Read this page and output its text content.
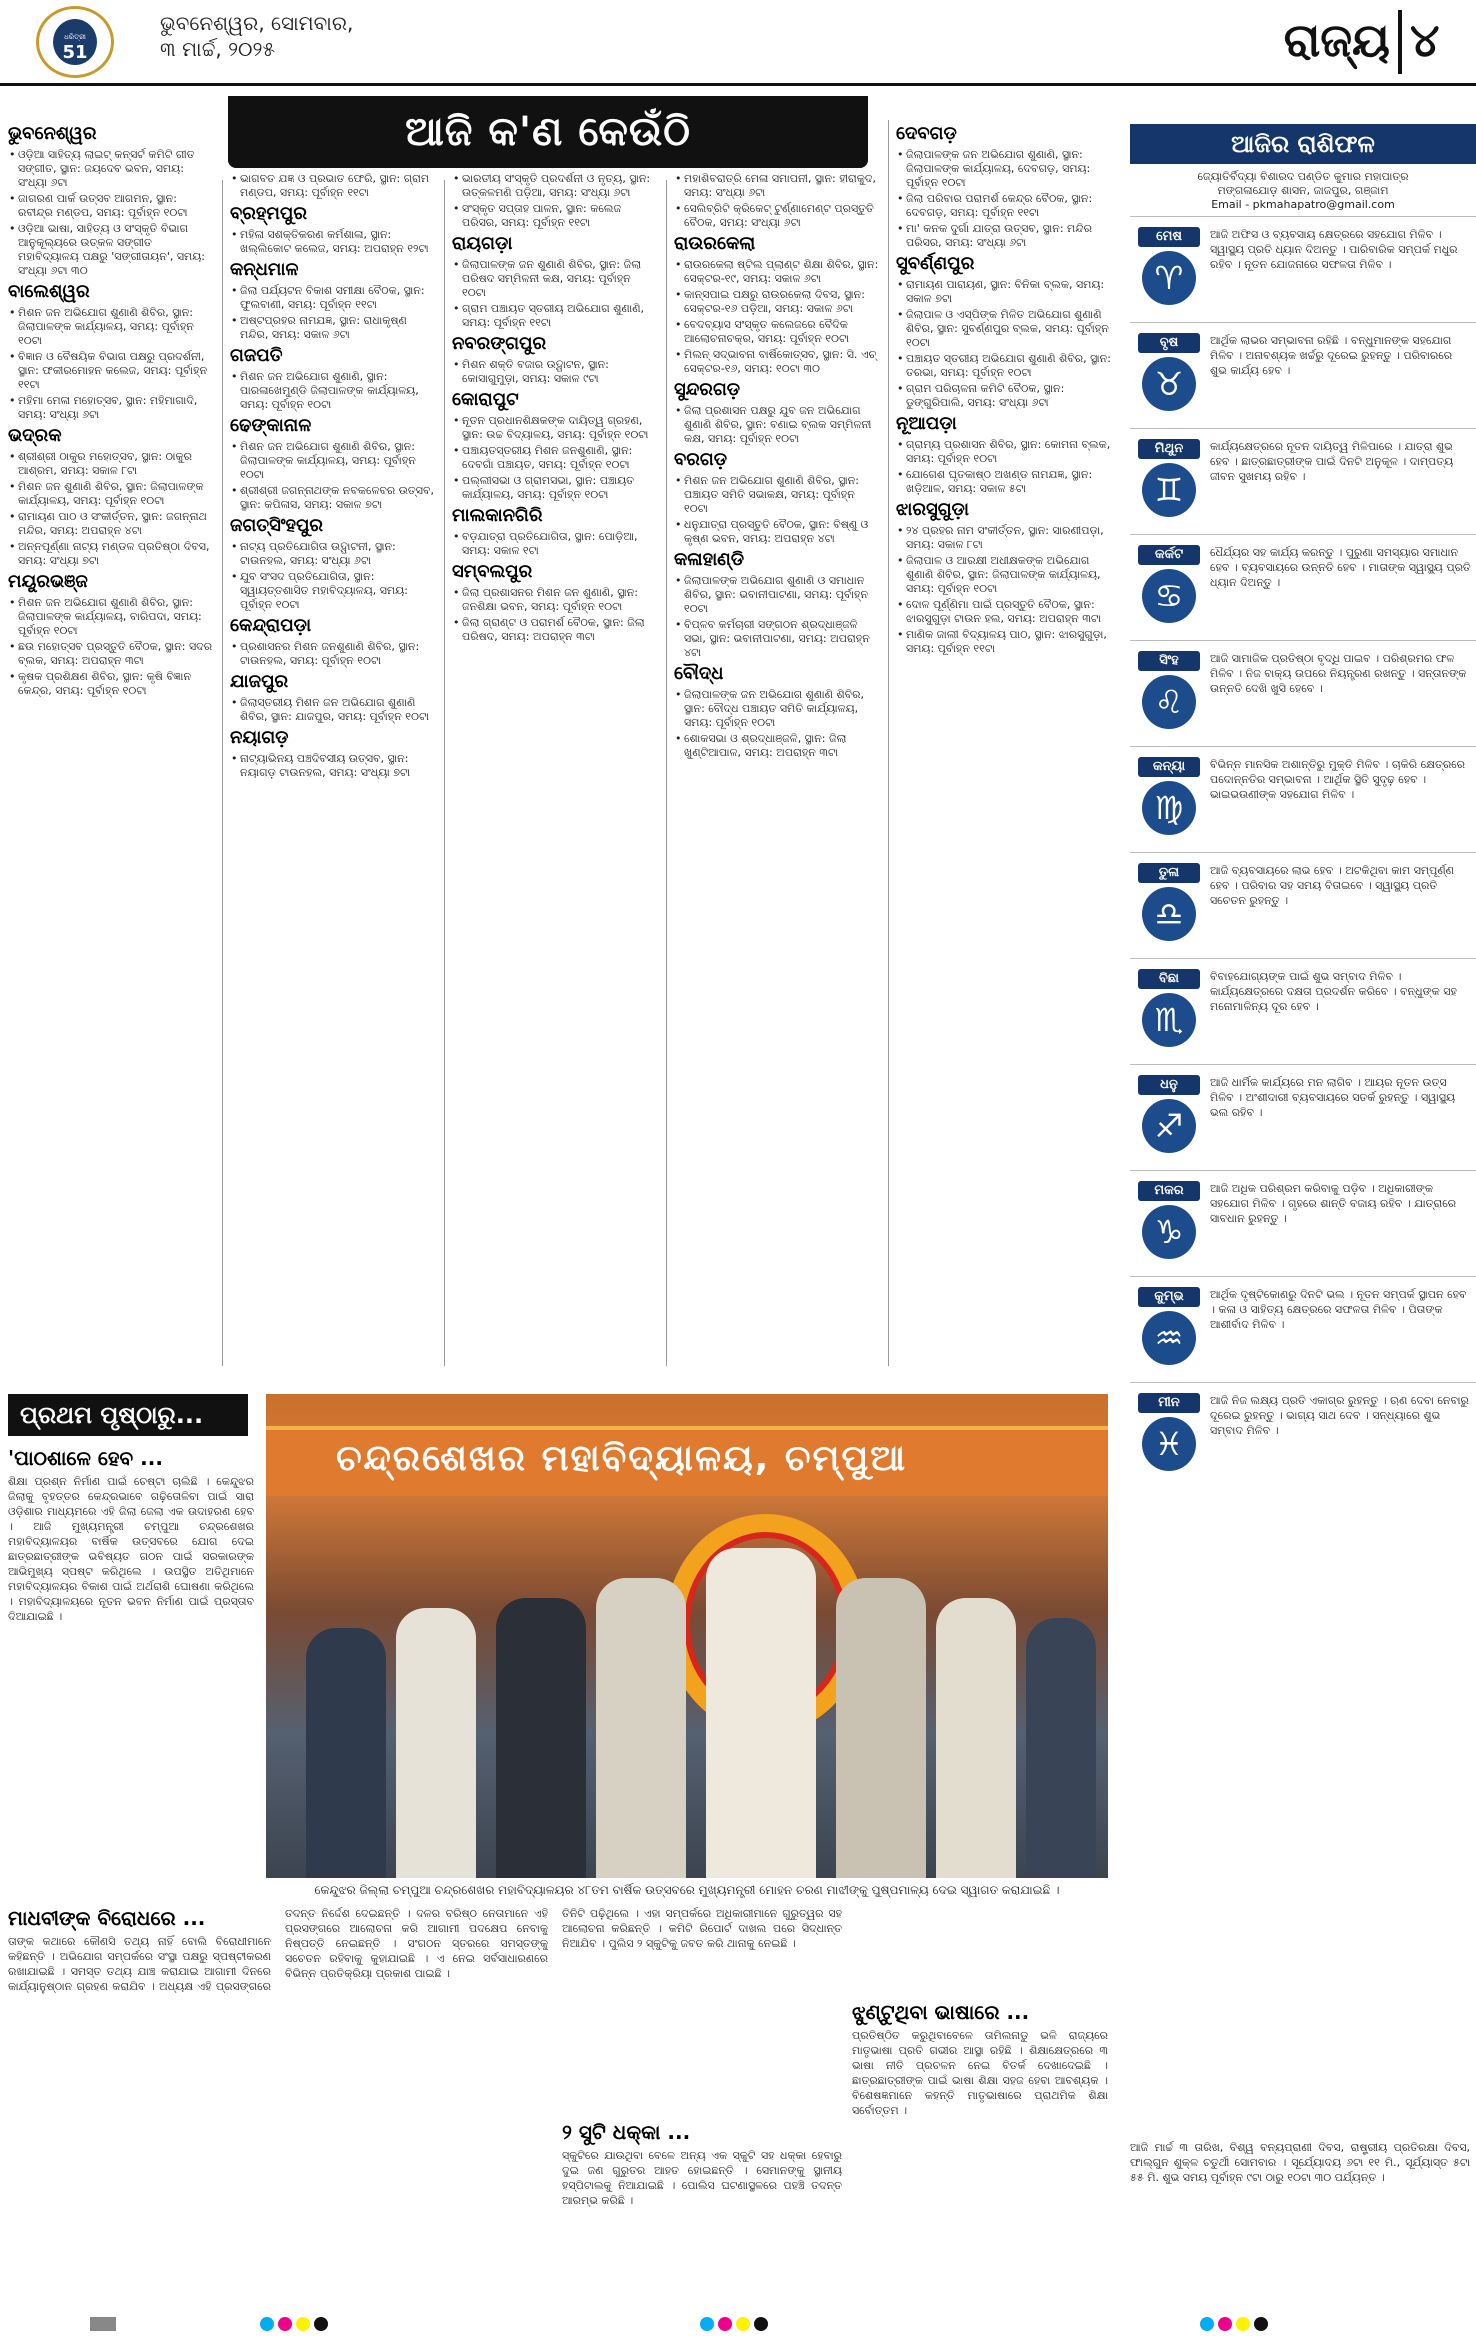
ଧରିତ୍ରୀ
51
Years
ଭୁବନେଶ୍ୱର, ସୋମବାର,
୩ ମାର୍ଚ୍ଚ, ୨୦୨୫	ରାଜ୍ୟ ୪
ଆଜି କ'ଣ କେଉଁଠି
ଭୁବନେଶ୍ୱର
• ଓଡ଼ିଆ ସାହିତ୍ୟ ଲାଇଟ୍ କନ୍ସର୍ଟ କମିଟି ଗୀତ ସଙ୍ଗୀତ, ସ୍ଥାନ: ଜୟଦେବ ଭବନ, ସମୟ: ସଂଧ୍ୟା ୬ଟା
• ଜାଗରଣ ପାର୍କ ଉତ୍ସବ ଆଗମନ, ସ୍ଥାନ: ରବୀନ୍ଦ୍ର ମଣ୍ଡପ, ସମୟ: ପୂର୍ବାହ୍ନ ୧୦ଟା
• ଓଡ଼ିଆ ଭାଷା, ସାହିତ୍ୟ ଓ ସଂସ୍କୃତି ବିଭାଗ ଆନୁକୂଲ୍ୟରେ ଉତ୍କଳ ସଙ୍ଗୀତ ମହାବିଦ୍ୟାଳୟ ପକ୍ଷରୁ 'ସଙ୍ଗୀତାୟନ', ସମୟ: ସଂଧ୍ୟା ୬ଟା ୩୦
ବାଲେଶ୍ୱର
• ମିଶନ ଜନ ଅଭିଯୋଗ ଶୁଣାଣି ଶିବିର, ସ୍ଥାନ: ଜିଲାପାଳଙ୍କ କାର୍ଯ୍ୟାଳୟ, ସମୟ: ପୂର୍ବାହ୍ନ ୧୦ଟା
• ବିଜ୍ଞାନ ଓ ବୈଷୟିକ ବିଭାଗ ପକ୍ଷରୁ ପ୍ରଦର୍ଶନୀ, ସ୍ଥାନ: ଫକୀରମୋହନ କଲେଜ, ସମୟ: ପୂର୍ବାହ୍ନ ୧୧ଟା
• ମହିମା ମେଳା ମହୋତ୍ସବ, ସ୍ଥାନ: ମହିମାଗାଦି, ସମୟ: ସଂଧ୍ୟା ୬ଟା
ଭଦ୍ରକ
• ଶ୍ରୀଶ୍ରୀ ଠାକୁର ମହୋତ୍ସବ, ସ୍ଥାନ: ଠାକୁର ଆଶ୍ରମ, ସମୟ: ସକାଳ ୮ଟା
• ମିଶନ ଜନ ଶୁଣାଣି ଶିବିର, ସ୍ଥାନ: ଜିଲାପାଳଙ୍କ କାର୍ଯ୍ୟାଳୟ, ସମୟ: ପୂର୍ବାହ୍ନ ୧୦ଟା
• ରାମାୟଣ ପାଠ ଓ ସଂକୀର୍ତ୍ତନ, ସ୍ଥାନ: ଜଗନ୍ନାଥ ମନ୍ଦିର, ସମୟ: ଅପରାହ୍ନ ୪ଟା
• ଅନ୍ନପୂର୍ଣ୍ଣା ନାଟ୍ୟ ମଣ୍ଡଳ ପ୍ରତିଷ୍ଠା ଦିବସ, ସମୟ: ସଂଧ୍ୟା ୭ଟା
ମୟୂରଭଞ୍ଜ
• ମିଶନ ଜନ ଅଭିଯୋଗ ଶୁଣାଣି ଶିବିର, ସ୍ଥାନ: ଜିଲାପାଳଙ୍କ କାର୍ଯ୍ୟାଳୟ, ବାରିପଦା, ସମୟ: ପୂର୍ବାହ୍ନ ୧୦ଟା
• ଛଉ ମହୋତ୍ସବ ପ୍ରସ୍ତୁତି ବୈଠକ, ସ୍ଥାନ: ସଦର ବ୍ଲକ, ସମୟ: ଅପରାହ୍ନ ୩ଟା
• କୃଷକ ପ୍ରଶିକ୍ଷଣ ଶିବିର, ସ୍ଥାନ: କୃଷି ବିଜ୍ଞାନ କେନ୍ଦ୍ର, ସମୟ: ପୂର୍ବାହ୍ନ ୧୦ଟା
• ଭାଗବତ ଯଜ୍ଞ ଓ ପ୍ରଭାତ ଫେରି, ସ୍ଥାନ: ଗ୍ରାମ ମଣ୍ଡପ, ସମୟ: ପୂର୍ବାହ୍ନ ୧୧ଟା
ବ୍ରହ୍ମପୁର
• ମହିଳା ସଶକ୍ତିକରଣ କର୍ମଶାଳା, ସ୍ଥାନ: ଖଲ୍ଲିକୋଟ କଲେଜ, ସମୟ: ଅପରାହ୍ନ ୧୨ଟା
କନ୍ଧମାଳ
• ଜିଲା ପର୍ଯ୍ୟଟନ ବିକାଶ ସମୀକ୍ଷା ବୈଠକ, ସ୍ଥାନ: ଫୁଲବାଣୀ, ସମୟ: ପୂର୍ବାହ୍ନ ୧୧ଟା
• ଅଷ୍ଟପ୍ରହର ନାମଯଜ୍ଞ, ସ୍ଥାନ: ରାଧାକୃଷ୍ଣ ମନ୍ଦିର, ସମୟ: ସକାଳ ୬ଟା
ଗଜପତି
• ମିଶନ ଜନ ଅଭିଯୋଗ ଶୁଣାଣି, ସ୍ଥାନ: ପାରଳାଖେମୁଣ୍ଡି ଜିଲାପାଳଙ୍କ କାର୍ଯ୍ୟାଳୟ, ସମୟ: ପୂର୍ବାହ୍ନ ୧୦ଟା
ଢେଙ୍କାନାଳ
• ମିଶନ ଜନ ଅଭିଯୋଗ ଶୁଣାଣି ଶିବିର, ସ୍ଥାନ: ଜିଲାପାଳଙ୍କ କାର୍ଯ୍ୟାଳୟ, ସମୟ: ପୂର୍ବାହ୍ନ ୧୦ଟା
• ଶ୍ରୀଶ୍ରୀ ଜଗନ୍ନାଥଙ୍କ ନବକଳେବର ଉତ୍ସବ, ସ୍ଥାନ: କପିଳାସ, ସମୟ: ସକାଳ ୭ଟା
ଜଗତ୍ସିଂହପୁର
• ନାଟ୍ୟ ପ୍ରତିଯୋଗିତା ଉଦ୍ଘାଟନୀ, ସ୍ଥାନ: ଟାଉନହଲ, ସମୟ: ସଂଧ୍ୟା ୬ଟା
• ଯୁବ ସଂସଦ ପ୍ରତିଯୋଗିତା, ସ୍ଥାନ: ସ୍ୱାୟତ୍ତଶାସିତ ମହାବିଦ୍ୟାଳୟ, ସମୟ: ପୂର୍ବାହ୍ନ ୧୦ଟା
କେନ୍ଦ୍ରାପଡ଼ା
• ପ୍ରଶାସନର ମିଶନ ଜନଶୁଣାଣି ଶିବିର, ସ୍ଥାନ: ଟାଉନହଲ, ସମୟ: ପୂର୍ବାହ୍ନ ୧୦ଟା
ଯାଜପୁର
• ଜିଲାସ୍ତରୀୟ ମିଶନ ଜନ ଅଭିଯୋଗ ଶୁଣାଣି ଶିବିର, ସ୍ଥାନ: ଯାଜପୁର, ସମୟ: ପୂର୍ବାହ୍ନ ୧୦ଟା
ନୟାଗଡ଼
• ନାଟ୍ୟାଭିନୟ ପଞ୍ଚଦିବସୀୟ ଉତ୍ସବ, ସ୍ଥାନ: ନୟାଗଡ଼ ଟାଉନହଲ, ସମୟ: ସଂଧ୍ୟା ୭ଟା
• ଭାରତୀୟ ସଂସ୍କୃତି ପ୍ରଦର୍ଶନୀ ଓ ନୃତ୍ୟ, ସ୍ଥାନ: ଉତ୍କଳମଣି ପଡ଼ିଆ, ସମୟ: ସଂଧ୍ୟା ୬ଟା
• ସଂସ୍କୃତ ସପ୍ତାହ ପାଳନ, ସ୍ଥାନ: କଲେଜ ପରିସର, ସମୟ: ପୂର୍ବାହ୍ନ ୧୧ଟା
ରାୟଗଡ଼ା
• ଜିଲାପାଳଙ୍କ ଜନ ଶୁଣାଣି ଶିବିର, ସ୍ଥାନ: ଜିଲା ପରିଷଦ ସମ୍ମିଳନୀ କକ୍ଷ, ସମୟ: ପୂର୍ବାହ୍ନ ୧୦ଟା
• ଗ୍ରାମ ପଞ୍ଚାୟତ ସ୍ତରୀୟ ଅଭିଯୋଗ ଶୁଣାଣି, ସମୟ: ପୂର୍ବାହ୍ନ ୧୧ଟା
ନବରଙ୍ଗପୁର
• ମିଶନ ଶକ୍ତି ବଜାର ଉଦ୍ଘାଟନ, ସ୍ଥାନ: କୋସାଗୁମୁଡ଼ା, ସମୟ: ସକାଳ ୯ଟା
କୋରାପୁଟ
• ନୂତନ ପ୍ରଧାନଶିକ୍ଷକଙ୍କ ଦାୟିତ୍ୱ ଗ୍ରହଣ, ସ୍ଥାନ: ଉଚ୍ଚ ବିଦ୍ୟାଳୟ, ସମୟ: ପୂର୍ବାହ୍ନ ୧୦ଟା
• ପଞ୍ଚାୟତସ୍ତରୀୟ ମିଶନ ଜନଶୁଣାଣି, ସ୍ଥାନ: ଦେବଗାଁ ପଞ୍ଚାୟତ, ସମୟ: ପୂର୍ବାହ୍ନ ୧୦ଟା
• ପଲ୍ଲୀସଭା ଓ ଗ୍ରାମସଭା, ସ୍ଥାନ: ପଞ୍ଚାୟତ କାର୍ଯ୍ୟାଳୟ, ସମୟ: ପୂର୍ବାହ୍ନ ୧୦ଟା
ମାଲକାନଗିରି
• ବଡ଼ଯାତ୍ରା ପ୍ରତିଯୋଗିତା, ସ୍ଥାନ: ପୋଡ଼ିଆ, ସମୟ: ସକାଳ ୧ଟା
ସମ୍ବଲପୁର
• ଜିଲା ପ୍ରଶାସନର ମିଶନ ଜନ ଶୁଣାଣି, ସ୍ଥାନ: ଜନଶିକ୍ଷା ଭବନ, ସମୟ: ପୂର୍ବାହ୍ନ ୧୦ଟା
• ଜିଲା ଗ୍ରାଣ୍ଟ ଓ ପରାମର୍ଶ ବୈଠକ, ସ୍ଥାନ: ଜିଲା ପରିଷଦ, ସମୟ: ଅପରାହ୍ନ ୩ଟା
• ମହାଶିବରାତ୍ରି ମେଳା ସମାପନୀ, ସ୍ଥାନ: ହୀରାକୁଦ, ସମୟ: ସଂଧ୍ୟା ୬ଟା
• ସେଲିବ୍ରିଟି କ୍ରିକେଟ୍ ଟୁର୍ଣ୍ଣାମେଣ୍ଟ ପ୍ରସ୍ତୁତି ବୈଠକ, ସମୟ: ସଂଧ୍ୟା ୬ଟା
ରାଉରକେଲା
• ରାଉରକେଲା ଷ୍ଟିଲ ପ୍ଲାଣ୍ଟ ଶିକ୍ଷା ଶିବିର, ସ୍ଥାନ: ସେକ୍ଟର-୧୯, ସମୟ: ସକାଳ ୬ଟା
• କାନ୍ସପାଇ ପକ୍ଷରୁ ରାଉରକେଲା ଦିବସ, ସ୍ଥାନ: ସେକ୍ଟର-୧୬ ପଡ଼ିଆ, ସମୟ: ସକାଳ ୬ଟା
• ବେଦବ୍ୟାସ ସଂସ୍କୃତ କଲେଜରେ ବୈଦିକ ଆଲୋଚନାଚକ୍ର, ସମୟ: ପୂର୍ବାହ୍ନ ୧୦ଟା
• ମିଲନ୍ ସଦ୍ଭାବନା ବାର୍ଷିକୋତ୍ସବ, ସ୍ଥାନ: ସି. ଏଚ୍ ସେକ୍ଟର-୧୬, ସମୟ: ୧୦ଟା ୩୦
ସୁନ୍ଦରଗଡ଼
• ଜିଲା ପ୍ରଶାସନ ପକ୍ଷରୁ ଯୁବ ଜନ ଅଭିଯୋଗ ଶୁଣାଣି ଶିବିର, ସ୍ଥାନ: ବଣାଇ ବ୍ଲକ ସମ୍ମିଳନୀ କକ୍ଷ, ସମୟ: ପୂର୍ବାହ୍ନ ୧୦ଟା
ବରଗଡ଼
• ମିଶନ ଜନ ଅଭିଯୋଗ ଶୁଣାଣି ଶିବିର, ସ୍ଥାନ: ପଞ୍ଚାୟତ ସମିତି ସଭାକକ୍ଷ, ସମୟ: ପୂର୍ବାହ୍ନ ୧୦ଟା
• ଧନୁଯାତ୍ରା ପ୍ରସ୍ତୁତି ବୈଠକ, ସ୍ଥାନ: ବିଷ୍ଣୁ ଓ କୃଷ୍ଣ ଭବନ, ସମୟ: ଅପରାହ୍ନ ୪ଟା
କଳାହାଣ୍ଡି
• ଜିଲାପାଳଙ୍କ ଅଭିଯୋଗ ଶୁଣାଣି ଓ ସମାଧାନ ଶିବିର, ସ୍ଥାନ: ଭବାନୀପାଟଣା, ସମୟ: ପୂର୍ବାହ୍ନ ୧୦ଟା
• ବିପ୍ଳବ କର୍ମଚାରୀ ସଙ୍ଗଠନ ଶ୍ରଦ୍ଧାଞ୍ଜଳି ସଭା, ସ୍ଥାନ: ଭବାନୀପାଟଣା, ସମୟ: ଅପରାହ୍ନ ୪ଟା
ବୌଦ୍ଧ
• ଜିଲାପାଳଙ୍କ ଜନ ଅଭିଯୋଗ ଶୁଣାଣି ଶିବିର, ସ୍ଥାନ: ବୌଦ୍ଧ ପଞ୍ଚାୟତ ସମିତି କାର୍ଯ୍ୟାଳୟ, ସମୟ: ପୂର୍ବାହ୍ନ ୧୦ଟା
• ଶୋକସଭା ଓ ଶ୍ରଦ୍ଧାଞ୍ଜଳି, ସ୍ଥାନ: ଜିଲା ଖୁଣ୍ଟିଆପାଳ, ସମୟ: ଅପରାହ୍ନ ୩ଟା
ଦେବଗଡ଼
• ଜିଲାପାଳଙ୍କ ଜନ ଅଭିଯୋଗ ଶୁଣାଣି, ସ୍ଥାନ: ଜିଲାପାଳଙ୍କ କାର୍ଯ୍ୟାଳୟ, ଦେବଗଡ଼, ସମୟ: ପୂର୍ବାହ୍ନ ୧୦ଟା
• ଜିଲା ପରିବାର ପରାମର୍ଶ କେନ୍ଦ୍ର ବୈଠକ, ସ୍ଥାନ: ଦେବଗଡ଼, ସମୟ: ପୂର୍ବାହ୍ନ ୧୧ଟା
• ମା' କନକ ଦୁର୍ଗା ଯାତ୍ରା ଉତ୍ସବ, ସ୍ଥାନ: ମନ୍ଦିର ପରିସର, ସମୟ: ସଂଧ୍ୟା ୬ଟା
ସୁବର୍ଣ୍ଣପୁର
• ରାମାୟଣ ପାରାୟଣ, ସ୍ଥାନ: ବିନିକା ବ୍ଲକ, ସମୟ: ସକାଳ ୭ଟା
• ଜିଲାପାଳ ଓ ଏସ୍ପିଙ୍କ ମିଳିତ ଅଭିଯୋଗ ଶୁଣାଣି ଶିବିର, ସ୍ଥାନ: ସୁବର୍ଣ୍ଣପୁର ବ୍ଲକ, ସମୟ: ପୂର୍ବାହ୍ନ ୧୦ଟା
• ପଞ୍ଚାୟତ ସ୍ତରୀୟ ଅଭିଯୋଗ ଶୁଣାଣି ଶିବିର, ସ୍ଥାନ: ତରଭା, ସମୟ: ପୂର୍ବାହ୍ନ ୧୦ଟା
• ଗ୍ରାମ ପରିଚାଳନା କମିଟି ବୈଠକ, ସ୍ଥାନ: ଡୁଙ୍ଗୁରିପାଲି, ସମୟ: ସଂଧ୍ୟା ୬ଟା
ନୂଆପଡ଼ା
• ଗ୍ରାମ୍ୟ ପ୍ରଶାସନ ଶିବିର, ସ୍ଥାନ: କୋମନା ବ୍ଲକ, ସମୟ: ପୂର୍ବାହ୍ନ ୧୦ଟା
• ଯୋଗେଶ ଘୃତକାଷ୍ଠ ଅଖଣ୍ଡ ନାମଯଜ୍ଞ, ସ୍ଥାନ: ଖଡ଼ିଆଳ, ସମୟ: ସକାଳ ୫ଟା
ଝାରସୁଗୁଡ଼ା
• ୨୪ ପ୍ରହର ନାମ ସଂକୀର୍ତ୍ତନ, ସ୍ଥାନ: ସାରଣୀପଡ଼ା, ସମୟ: ସକାଳ ୮ଟା
• ଜିଲାପାଳ ଓ ଆରକ୍ଷୀ ଅଧୀକ୍ଷକଙ୍କ ଅଭିଯୋଗ ଶୁଣାଣି ଶିବିର, ସ୍ଥାନ: ଜିଲାପାଳଙ୍କ କାର୍ଯ୍ୟାଳୟ, ସମୟ: ପୂର୍ବାହ୍ନ ୧୦ଟା
• ଦୋଳ ପୂର୍ଣ୍ଣିମା ପାଇଁ ପ୍ରସ୍ତୁତି ବୈଠକ, ସ୍ଥାନ: ଝାରସୁଗୁଡ଼ା ଟାଉନ ହଲ, ସମୟ: ଅପରାହ୍ନ ୩ଟା
• ମାଣିକ ଜାଲୀ ବିଦ୍ୟାଳୟ ପାଠ, ସ୍ଥାନ: ଝାରସୁଗୁଡ଼ା, ସମୟ: ପୂର୍ବାହ୍ନ ୧୧ଟା
ଆଜିର ରାଶିଫଳ
ଜ୍ୟୋତିର୍ବିଦ୍ୟା ବିଶାରଦ ପଣ୍ଡିତ କୁମାର ମହାପାତ୍ର
ମଙ୍ଗଳାଯୋଡ଼ ଶାସନ, ଜାଜପୁର, ଗଞ୍ଜାମ
Email - pkmahapatro@gmail.com
ମେଷ
♈
ଆଜି ଅଫିସ ଓ ବ୍ୟବସାୟ କ୍ଷେତ୍ରରେ ସହଯୋଗ ମିଳିବ । ସ୍ୱାସ୍ଥ୍ୟ ପ୍ରତି ଧ୍ୟାନ ଦିଅନ୍ତୁ । ପାରିବାରିକ ସମ୍ପର୍କ ମଧୁର ରହିବ । ନୂତନ ଯୋଜନାରେ ସଫଳତା ମିଳିବ ।
ବୃଷ
♉
ଆର୍ଥିକ ଲାଭର ସମ୍ଭାବନା ରହିଛି । ବନ୍ଧୁମାନଙ୍କ ସହଯୋଗ ମିଳିବ । ଅନାବଶ୍ୟକ ଖର୍ଚ୍ଚରୁ ଦୂରେଇ ରୁହନ୍ତୁ । ପରିବାରରେ ଶୁଭ କାର୍ଯ୍ୟ ହେବ ।
ମିଥୁନ
♊
କାର୍ଯ୍ୟକ୍ଷେତ୍ରରେ ନୂତନ ଦାୟିତ୍ୱ ମିଳିପାରେ । ଯାତ୍ରା ଶୁଭ ହେବ । ଛାତ୍ରଛାତ୍ରୀଙ୍କ ପାଇଁ ଦିନଟି ଅନୁକୂଳ । ଦାମ୍ପତ୍ୟ ଜୀବନ ସୁଖମୟ ରହିବ ।
କର୍କଟ
♋
ଧୈର୍ଯ୍ୟର ସହ କାର୍ଯ୍ୟ କରନ୍ତୁ । ପୁରୁଣା ସମସ୍ୟାର ସମାଧାନ ହେବ । ବ୍ୟବସାୟରେ ଉନ୍ନତି ହେବ । ମାତାଙ୍କ ସ୍ୱାସ୍ଥ୍ୟ ପ୍ରତି ଧ୍ୟାନ ଦିଅନ୍ତୁ ।
ସିଂହ
♌
ଆଜି ସାମାଜିକ ପ୍ରତିଷ୍ଠା ବୃଦ୍ଧି ପାଇବ । ପରିଶ୍ରମର ଫଳ ମିଳିବ । ନିଜ ବାକ୍ୟ ଉପରେ ନିୟନ୍ତ୍ରଣ ରଖନ୍ତୁ । ସନ୍ତାନଙ୍କ ଉନ୍ନତି ଦେଖି ଖୁସି ହେବେ ।
କନ୍ୟା
♍
ବିଭିନ୍ନ ମାନସିକ ଅଶାନ୍ତିରୁ ମୁକ୍ତି ମିଳିବ । ଚାକିରି କ୍ଷେତ୍ରରେ ପଦୋନ୍ନତିର ସମ୍ଭାବନା । ଆର୍ଥିକ ସ୍ଥିତି ସୁଦୃଢ଼ ହେବ । ଭାଇଭଉଣୀଙ୍କ ସହଯୋଗ ମିଳିବ ।
ତୁଳା
♎
ଆଜି ବ୍ୟବସାୟରେ ଲାଭ ହେବ । ଅଟକିଥିବା କାମ ସମ୍ପୂର୍ଣ୍ଣ ହେବ । ପରିବାର ସହ ସମୟ ବିତାଇବେ । ସ୍ୱାସ୍ଥ୍ୟ ପ୍ରତି ସଚେତନ ରୁହନ୍ତୁ ।
ବିଛା
♏
ବିବାହଯୋଗ୍ୟଙ୍କ ପାଇଁ ଶୁଭ ସମ୍ବାଦ ମିଳିବ । କାର୍ଯ୍ୟକ୍ଷେତ୍ରରେ ଦକ୍ଷତା ପ୍ରଦର୍ଶନ କରିବେ । ବନ୍ଧୁଙ୍କ ସହ ମନୋମାଳିନ୍ୟ ଦୂର ହେବ ।
ଧନୁ
♐
ଆଜି ଧାର୍ମିକ କାର୍ଯ୍ୟରେ ମନ ଲାଗିବ । ଆୟର ନୂତନ ଉତ୍ସ ମିଳିବ । ଅଂଶୀଦାରୀ ବ୍ୟବସାୟରେ ସତର୍କ ରୁହନ୍ତୁ । ସ୍ୱାସ୍ଥ୍ୟ ଭଲ ରହିବ ।
ମକର
♑
ଆଜି ଅଧିକ ପରିଶ୍ରମ କରିବାକୁ ପଡ଼ିବ । ଅଧିକାରୀଙ୍କ ସହଯୋଗ ମିଳିବ । ଗୃହରେ ଶାନ୍ତି ବଜାୟ ରହିବ । ଯାତ୍ରାରେ ସାବଧାନ ରୁହନ୍ତୁ ।
କୁମ୍ଭ
♒
ଆର୍ଥିକ ଦୃଷ୍ଟିକୋଣରୁ ଦିନଟି ଭଲ । ନୂତନ ସମ୍ପର୍କ ସ୍ଥାପନ ହେବ । କଳା ଓ ସାହିତ୍ୟ କ୍ଷେତ୍ରରେ ସଫଳତା ମିଳିବ । ପିତାଙ୍କ ଆଶୀର୍ବାଦ ମିଳିବ ।
ମୀନ
♓
ଆଜି ନିଜ ଲକ୍ଷ୍ୟ ପ୍ରତି ଏକାଗ୍ର ରୁହନ୍ତୁ । ଋଣ ଦେବା ନେବାରୁ ଦୂରେଇ ରୁହନ୍ତୁ । ଭାଗ୍ୟ ସାଥ ଦେବ । ସନ୍ଧ୍ୟାରେ ଶୁଭ ସମ୍ବାଦ ମିଳିବ ।
ପ୍ରଥମ ପୃଷ୍ଠାରୁ...
ଚନ୍ଦ୍ରଶେଖର ମହାବିଦ୍ୟାଳୟ, ଚମ୍ପୁଆ
କେନ୍ଦୁଝର ଜିଲ୍ଲା ଚମ୍ପୁଆ ଚନ୍ଦ୍ରଶେଖର ମହାବିଦ୍ୟାଳୟର ୪୮ତମ ବାର୍ଷିକ ଉତ୍ସବରେ ମୁଖ୍ୟମନ୍ତ୍ରୀ ମୋହନ ଚରଣ ମାଝୀଙ୍କୁ ପୁଷ୍ପମାଳ୍ୟ ଦେଇ ସ୍ୱାଗତ କରାଯାଇଛି ।
'ପାଠଶାଳେ ହେବ ...
ଶିକ୍ଷା ପ୍ରଶ୍ନ ନିର୍ମାଣ ପାଇଁ ଚେଷ୍ଟା ଚାଲିଛି । କେନ୍ଦୁଝର ଜିଲାକୁ ବୃହତ୍ତର କେନ୍ଦ୍ରଭାବେ ଗଢ଼ିତୋଳିବା ପାଇଁ ସାରା ଓଡ଼ିଶାର ମାଧ୍ୟମରେ ଏହି ଜିଲା ଜେଲା ଏକ ଉଦାହରଣ ହେବ । ଆଜି ମୁଖ୍ୟମନ୍ତ୍ରୀ ଚମ୍ପୁଆ ଚନ୍ଦ୍ରଶେଖର ମହାବିଦ୍ୟାଳୟର ବାର୍ଷିକ ଉତ୍ସବରେ ଯୋଗ ଦେଇ ଛାତ୍ରଛାତ୍ରୀଙ୍କ ଭବିଷ୍ୟତ ଗଠନ ପାଇଁ ସରକାରଙ୍କ ଆଭିମୁଖ୍ୟ ସ୍ପଷ୍ଟ କରିଥିଲେ । ଉପସ୍ଥିତ ଅତିଥିମାନେ ମହାବିଦ୍ୟାଳୟର ବିକାଶ ପାଇଁ ଅର୍ଥରାଶି ଘୋଷଣା କରିଥିଲେ । ମହାବିଦ୍ୟାଳୟରେ ନୂତନ ଭବନ ନିର୍ମାଣ ପାଇଁ ପ୍ରସ୍ତାବ ଦିଆଯାଇଛି ।
ମାଧବୀଙ୍କ ବିରୋଧରେ ...
ତାଙ୍କ କଥାରେ କୌଣସି ତଥ୍ୟ ନାହିଁ ବୋଲି ବିରୋଧୀମାନେ କହିଛନ୍ତି । ଅଭିଯୋଗ ସମ୍ପର୍କରେ ସଂସ୍ଥା ପକ୍ଷରୁ ସ୍ପଷ୍ଟୀକରଣ ରଖାଯାଇଛି । ସମସ୍ତ ତଥ୍ୟ ଯାଞ୍ଚ କରାଯାଇ ଆଗାମୀ ଦିନରେ କାର୍ଯ୍ୟାନୁଷ୍ଠାନ ଗ୍ରହଣ କରାଯିବ । ଅଧ୍ୟକ୍ଷ ଏହି ପ୍ରସଙ୍ଗରେ ତଦନ୍ତ ନିର୍ଦ୍ଦେଶ ଦେଇଛନ୍ତି । ଦଳର ବରିଷ୍ଠ ନେତାମାନେ ଏହି ପ୍ରସଙ୍ଗରେ ଆଲୋଚନା କରି ଆଗାମୀ ପଦକ୍ଷେପ ନେବାକୁ ନିଷ୍ପତ୍ତି ନେଇଛନ୍ତି । ସଂଗଠନ ସ୍ତରରେ ସମସ୍ତଙ୍କୁ ସଚେତନ ରହିବାକୁ କୁହାଯାଇଛି । ଏ ନେଇ ସର୍ବସାଧାରଣରେ ବିଭିନ୍ନ ପ୍ରତିକ୍ରିୟା ପ୍ରକାଶ ପାଇଛି ।
ତିନିଟି ପଢ଼ିଥିଲେ । ଏହା ସମ୍ପର୍କରେ ଅଧିକାରୀମାନେ ଗୁରୁତ୍ୱର ସହ ଆଲୋଚନା କରିଛନ୍ତି । କମିଟି ରିପୋର୍ଟ ଦାଖଲ ପରେ ସିଦ୍ଧାନ୍ତ ନିଆଯିବ । ପୁଲିସ ୨ ସ୍କୁଟିକୁ ଜବତ କରି ଥାନାକୁ ନେଇଛି ।
୨ ସୁଟି ଧକ୍କା ...
ସ୍କୁଟିରେ ଯାଉଥିବା ବେଳେ ଅନ୍ୟ ଏକ ସ୍କୁଟି ସହ ଧକ୍କା ହେବାରୁ ଦୁଇ ଜଣ ଗୁରୁତର ଆହତ ହୋଇଛନ୍ତି । ସେମାନଙ୍କୁ ସ୍ଥାନୀୟ ହସ୍ପିଟାଲକୁ ନିଆଯାଇଛି । ପୋଲିସ ଘଟଣାସ୍ଥଳରେ ପହଞ୍ଚି ତଦନ୍ତ ଆରମ୍ଭ କରିଛି ।
ଝୁଣ୍ଟୁଥିବା ଭାଷାରେ ...
ପ୍ରତିଷ୍ଠିତ କରୁଥିବାବେଳେ ତାମିଲନାଡୁ ଭଳି ରାଜ୍ୟରେ ମାତୃଭାଷା ପ୍ରତି ଗଭୀର ଆସ୍ଥା ରହିଛି । ଶିକ୍ଷାକ୍ଷେତ୍ରରେ ୩ ଭାଷା ନୀତି ପ୍ରଚଳନ ନେଇ ବିତର୍କ ଦେଖାଦେଇଛି । ଛାତ୍ରଛାତ୍ରୀଙ୍କ ପାଇଁ ଭାଷା ଶିକ୍ଷା ସହଜ ହେବା ଆବଶ୍ୟକ । ବିଶେଷଜ୍ଞମାନେ କହନ୍ତି ମାତୃଭାଷାରେ ପ୍ରାଥମିକ ଶିକ୍ଷା ସର୍ବୋତ୍ତମ ।
ଆଜି ମାର୍ଚ୍ଚ ୩ ତାରିଖ, ବିଶ୍ୱ ବନ୍ୟପ୍ରାଣୀ ଦିବସ, ରାଷ୍ଟ୍ରୀୟ ପ୍ରତିରକ୍ଷା ଦିବସ, ଫାଲ୍ଗୁନ ଶୁକ୍ଳ ଚତୁର୍ଥୀ ସୋମବାର । ସୂର୍ଯ୍ୟୋଦୟ ୬ଟା ୧୧ ମି., ସୂର୍ଯ୍ୟାସ୍ତ ୫ଟା ୫୫ ମି. ଶୁଭ ସମୟ ପୂର୍ବାହ୍ନ ୯ଟା ଠାରୁ ୧୦ଟା ୩୦ ପର୍ଯ୍ୟନ୍ତ ।
